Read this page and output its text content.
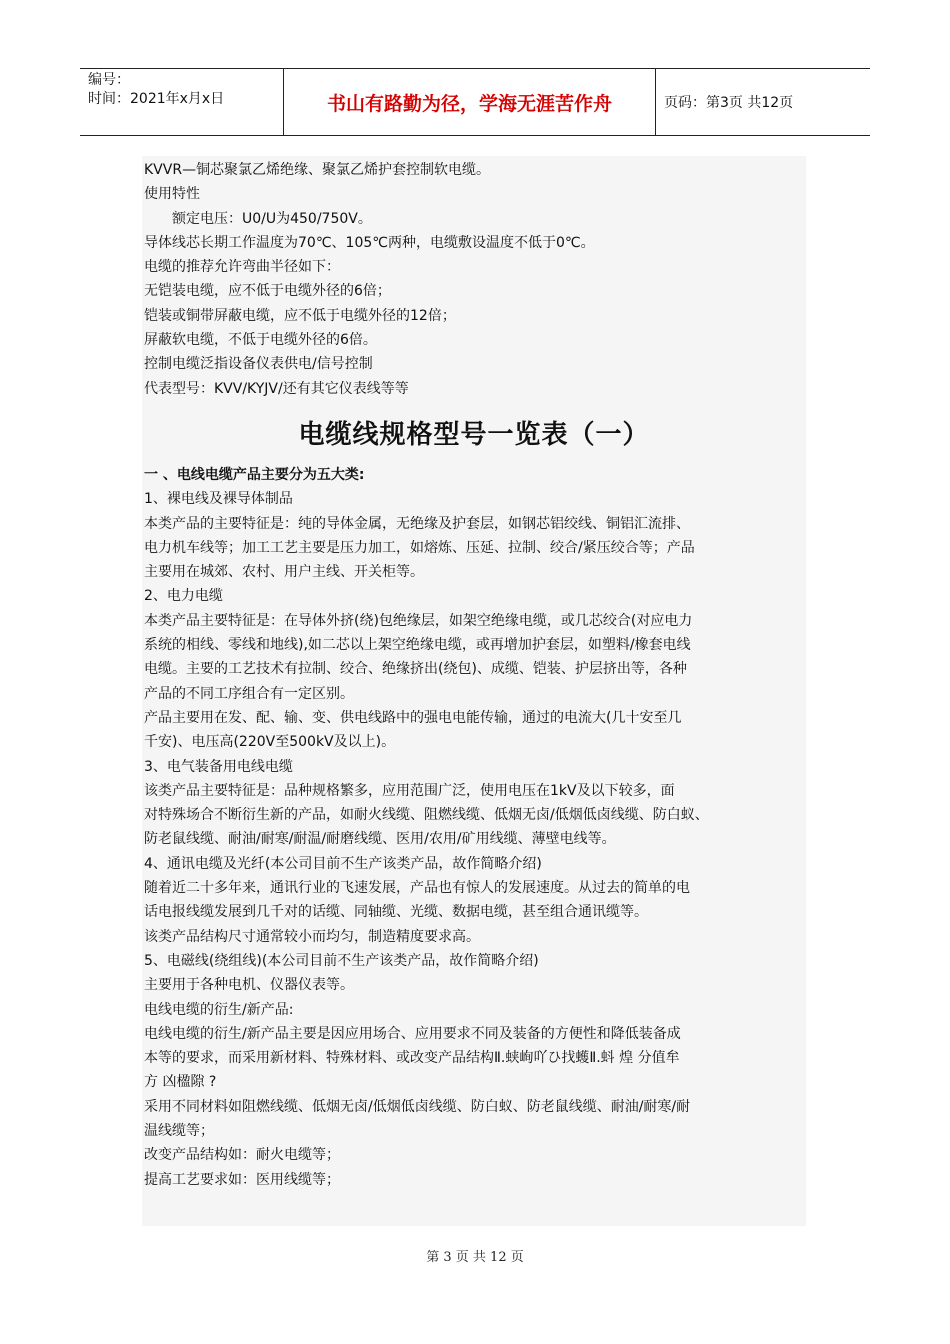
编号：
时间：2021年x月x日	书山有路勤为径，学海无涯苦作舟	页码：第3页 共12页

KVVR—铜芯聚氯乙烯绝缘、聚氯乙烯护套控制软电缆。

使用特性

额定电压：U0/U为450/750V。

导体线芯长期工作温度为70℃、105℃两种，电缆敷设温度不低于0℃。

电缆的推荐允许弯曲半径如下：

无铠装电缆，应不低于电缆外径的6倍；

铠装或铜带屏蔽电缆，应不低于电缆外径的12倍；

屏蔽软电缆，不低于电缆外径的6倍。

控制电缆泛指设备仪表供电/信号控制

代表型号：KVV/KYJV/还有其它仪表线等等

电缆线规格型号一览表（一）

一 、电线电缆产品主要分为五大类:

1、裸电线及裸导体制品

本类产品的主要特征是：纯的导体金属，无绝缘及护套层，如钢芯铝绞线、铜铝汇流排、

电力机车线等；加工工艺主要是压力加工，如熔炼、压延、拉制、绞合/紧压绞合等；产品

主要用在城郊、农村、用户主线、开关柜等。

2、电力电缆

本类产品主要特征是：在导体外挤(绕)包绝缘层，如架空绝缘电缆，或几芯绞合(对应电力

系统的相线、零线和地线),如二芯以上架空绝缘电缆，或再增加护套层，如塑料/橡套电线

电缆。主要的工艺技术有拉制、绞合、绝缘挤出(绕包)、成缆、铠装、护层挤出等，各种

产品的不同工序组合有一定区别。

产品主要用在发、配、输、变、供电线路中的强电电能传输，通过的电流大(几十安至几

千安)、电压高(220V至500kV及以上)。

3、电气装备用电线电缆

该类产品主要特征是：品种规格繁多，应用范围广泛，使用电压在1kV及以下较多，面

对特殊场合不断衍生新的产品，如耐火线缆、阻燃线缆、低烟无卤/低烟低卤线缆、防白蚁、

防老鼠线缆、耐油/耐寒/耐温/耐磨线缆、医用/农用/矿用线缆、薄壁电线等。

4、通讯电缆及光纤(本公司目前不生产该类产品，故作简略介绍)

随着近二十多年来，通讯行业的飞速发展，产品也有惊人的发展速度。从过去的简单的电

话电报线缆发展到几千对的话缆、同轴缆、光缆、数据电缆，甚至组合通讯缆等。

该类产品结构尺寸通常较小而均匀，制造精度要求高。

5、电磁线(绕组线)(本公司目前不生产该类产品，故作简略介绍)

主要用于各种电机、仪器仪表等。

电线电缆的衍生/新产品:

电线电缆的衍生/新产品主要是因应用场合、应用要求不同及装备的方便性和降低装备成

本等的要求，而采用新材料、特殊材料、或改变产品结构Ⅱ.蛱峋吖ひ找蠖Ⅱ.蚪 煌 分值牟

方 凶楹隙 ?

采用不同材料如阻燃线缆、低烟无卤/低烟低卤线缆、防白蚁、防老鼠线缆、耐油/耐寒/耐

温线缆等；

改变产品结构如：耐火电缆等；

提高工艺要求如：医用线缆等；

第 3 页 共 12 页
